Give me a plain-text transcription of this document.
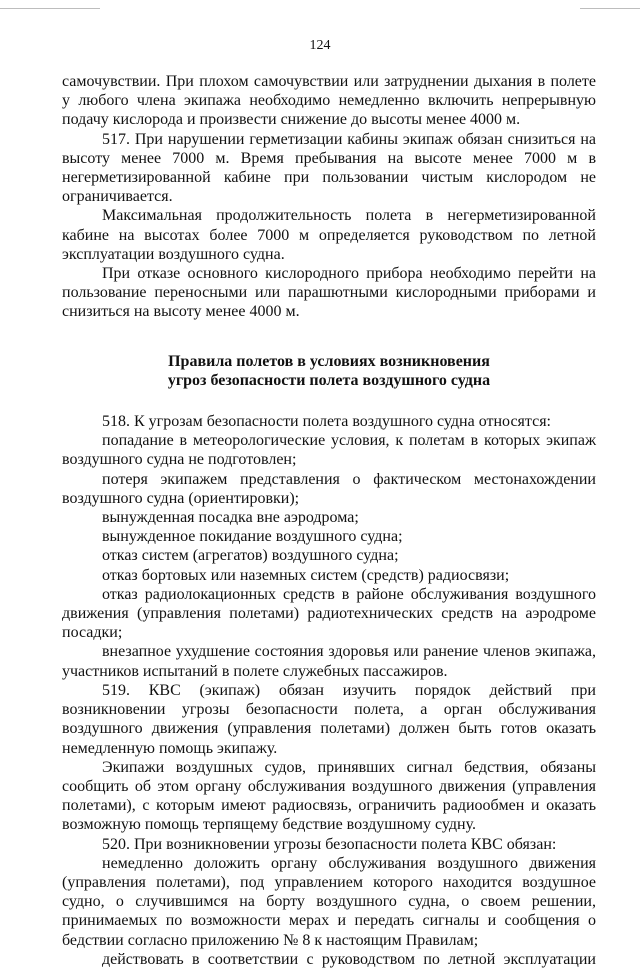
124

самочувствии. При плохом самочувствии или затруднении дыхания в полете у любого члена экипажа необходимо немедленно включить непрерывную подачу кислорода и произвести снижение до высоты менее 4000 м.

517. При нарушении герметизации кабины экипаж обязан снизиться на высоту менее 7000 м. Время пребывания на высоте менее 7000 м в негерметизированной кабине при пользовании чистым кислородом не ограничивается.

Максимальная продолжительность полета в негерметизированной кабине на высотах более 7000 м определяется руководством по летной эксплуатации воздушного судна.

При отказе основного кислородного прибора необходимо перейти на пользование переносными или парашютными кислородными приборами и снизиться на высоту менее 4000 м.

Правила полетов в условиях возникновения
угроз безопасности полета воздушного судна

518. К угрозам безопасности полета воздушного судна относятся:

попадание в метеорологические условия, к полетам в которых экипаж воздушного судна не подготовлен;

потеря экипажем представления о фактическом местонахождении воздушного судна (ориентировки);

вынужденная посадка вне аэродрома;

вынужденное покидание воздушного судна;

отказ систем (агрегатов) воздушного судна;

отказ бортовых или наземных систем (средств) радиосвязи;

отказ радиолокационных средств в районе обслуживания воздушного движения (управления полетами) радиотехнических средств на аэродроме посадки;

внезапное ухудшение состояния здоровья или ранение членов экипажа, участников испытаний в полете служебных пассажиров.

519. КВС (экипаж) обязан изучить порядок действий при возникновении угрозы безопасности полета, а орган обслуживания воздушного движения (управления полетами) должен быть готов оказать немедленную помощь экипажу.

Экипажи воздушных судов, принявших сигнал бедствия, обязаны сообщить об этом органу обслуживания воздушного движения (управления полетами), с которым имеют радиосвязь, ограничить радиообмен и оказать возможную помощь терпящему бедствие воздушному судну.

520. При возникновении угрозы безопасности полета КВС обязан:

немедленно доложить органу обслуживания воздушного движения (управления полетами), под управлением которого находится воздушное судно, о случившимся на борту воздушного судна, о своем решении, принимаемых по возможности мерах и передать сигналы и сообщения о бедствии согласно приложению № 8 к настоящим Правилам;

действовать в соответствии с руководством по летной эксплуатации
